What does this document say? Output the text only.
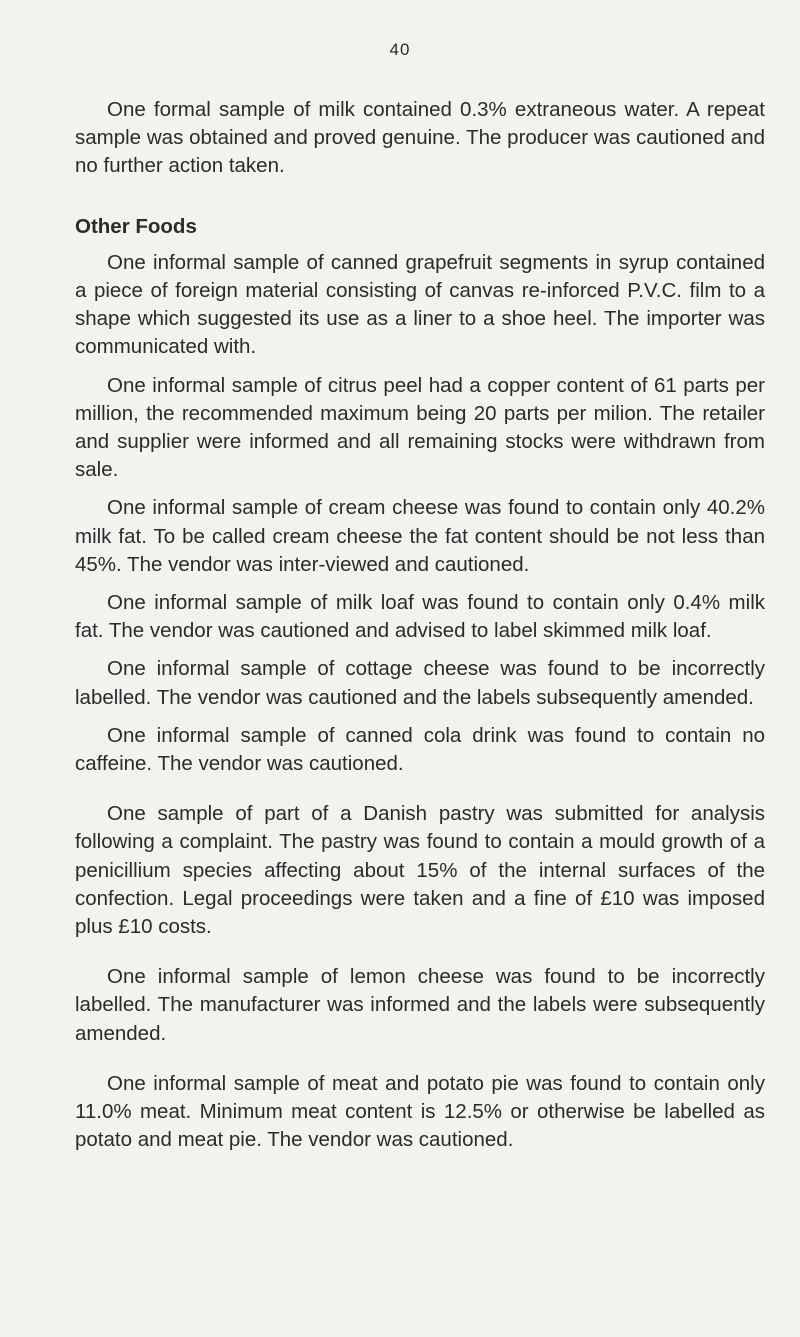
40

One formal sample of milk contained 0.3% extraneous water. A repeat sample was obtained and proved genuine. The producer was cautioned and no further action taken.

Other Foods

One informal sample of canned grapefruit segments in syrup contained a piece of foreign material consisting of canvas re-inforced P.V.C. film to a shape which suggested its use as a liner to a shoe heel. The importer was communicated with.

One informal sample of citrus peel had a copper content of 61 parts per million, the recommended maximum being 20 parts per milion. The retailer and supplier were informed and all remaining stocks were withdrawn from sale.

One informal sample of cream cheese was found to contain only 40.2% milk fat. To be called cream cheese the fat content should be not less than 45%. The vendor was inter-viewed and cautioned.

One informal sample of milk loaf was found to contain only 0.4% milk fat. The vendor was cautioned and advised to label skimmed milk loaf.

One informal sample of cottage cheese was found to be incorrectly labelled. The vendor was cautioned and the labels subsequently amended.

One informal sample of canned cola drink was found to contain no caffeine. The vendor was cautioned.

One sample of part of a Danish pastry was submitted for analysis following a complaint. The pastry was found to contain a mould growth of a penicillium species affecting about 15% of the internal surfaces of the confection. Legal proceedings were taken and a fine of £10 was imposed plus £10 costs.

One informal sample of lemon cheese was found to be incorrectly labelled. The manufacturer was informed and the labels were subsequently amended.

One informal sample of meat and potato pie was found to contain only 11.0% meat. Minimum meat content is 12.5% or otherwise be labelled as potato and meat pie. The vendor was cautioned.
